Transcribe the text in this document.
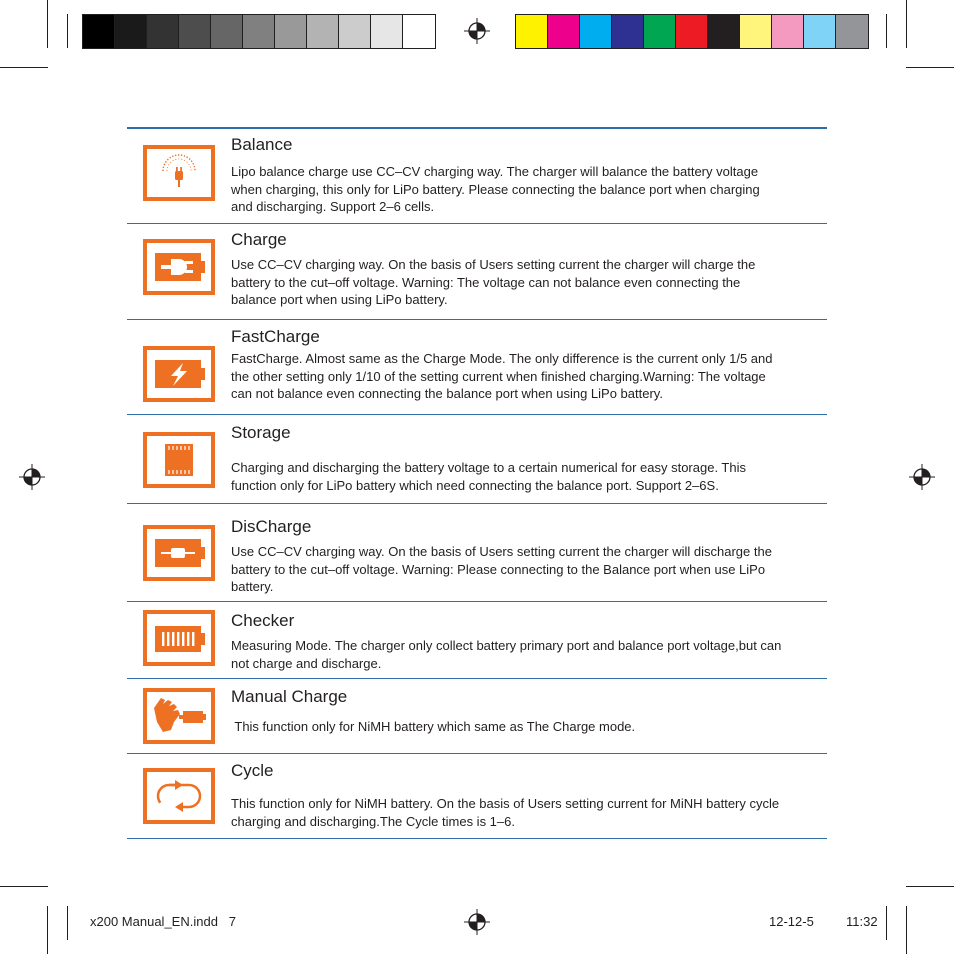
Balance
Lipo balance charge use CC–CV charging way. The charger will balance the battery voltage
when charging, this only for LiPo battery. Please connecting the balance port when charging
and discharging. Support 2–6 cells.
Charge
Use CC–CV charging way. On the basis of Users setting current the charger will charge the
battery to the cut–off voltage. Warning: The voltage can not balance even connecting the
balance port when using LiPo battery.
FastCharge
FastCharge. Almost same as the Charge Mode. The only difference is the current only 1/5 and
the other setting only 1/10 of the setting current when finished charging.Warning: The voltage
can not balance even connecting the balance port when using LiPo battery.
Storage
Charging and discharging the battery voltage to a certain numerical for easy storage. This
function only for LiPo battery which need connecting the balance port. Support 2–6S.
DisCharge
Use CC–CV charging way. On the basis of Users setting current the charger will discharge the
battery to the cut–off voltage. Warning: Please connecting to the Balance port when use LiPo
battery.
Checker
Measuring Mode. The charger only collect battery primary port and balance port voltage,but can
not charge and discharge.
Manual Charge
This function only for NiMH battery which same as The Charge mode.
Cycle
This function only for NiMH battery. On the basis of Users setting current for MiNH battery cycle
charging and discharging.The Cycle times is 1–6.
x200 Manual_EN.indd   7	12-12-5 11:32
